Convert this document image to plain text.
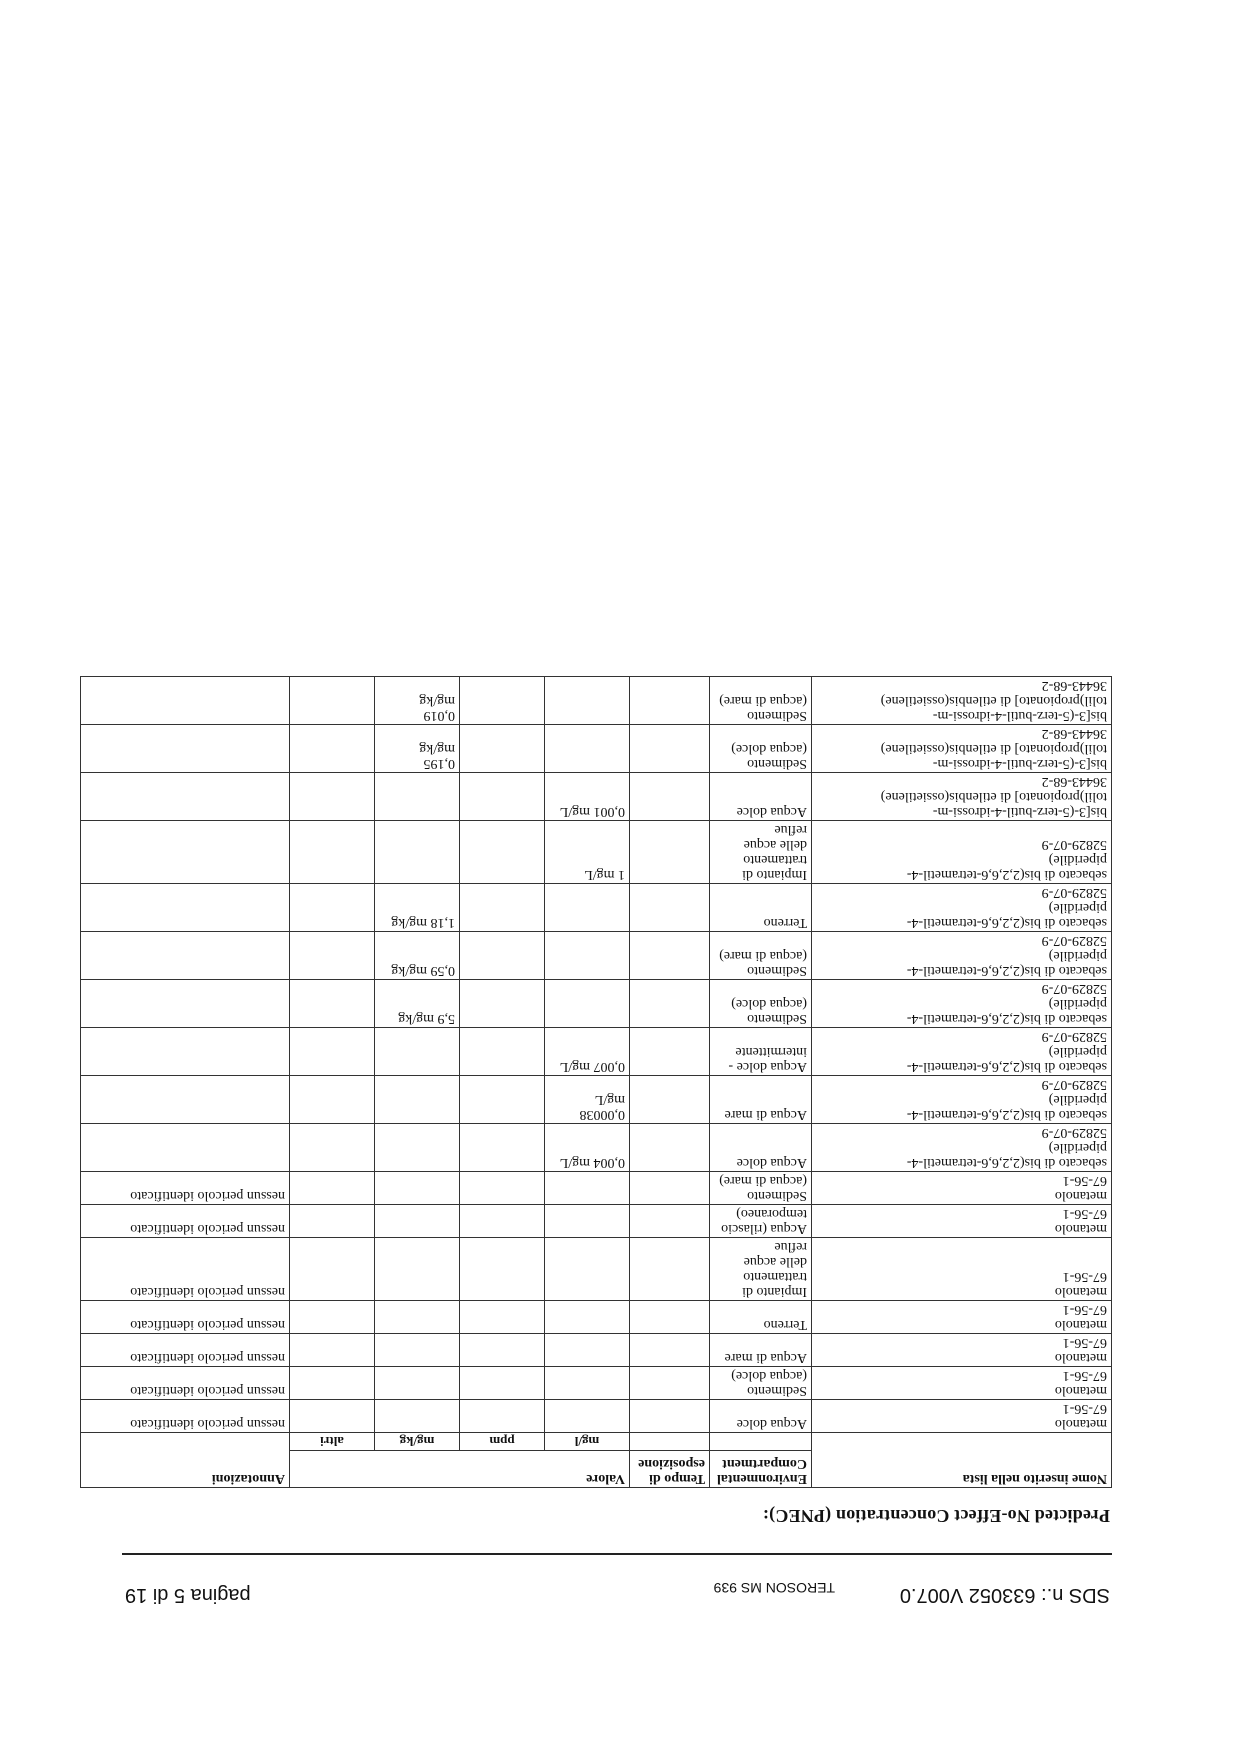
SDS n.: 633052 V007.0
TEROSON MS 939
pagina 5 di 19
Predicted No-Effect Concentration (PNEC):
Nome inserito nella lista	Environmental Compartment	Tempo di esposizione	Valore				Annotazioni
			mg/l	ppm	mg/kg	altri	
metanolo
67-56-1	Acqua dolce						nessun pericolo identificato
metanolo
67-56-1	Sedimento
(acqua dolce)						nessun pericolo identificato
metanolo
67-56-1	Acqua di mare						nessun pericolo identificato
metanolo
67-56-1	Terreno						nessun pericolo identificato
metanolo
67-56-1	Impianto di
trattamento
delle acque
reflue						nessun pericolo identificato
metanolo
67-56-1	Acqua (rilascio
temporaneo)						nessun pericolo identificato
metanolo
67-56-1	Sedimento
(acqua di mare)						nessun pericolo identificato
sebacato di bis(2,2,6,6-tetrametil-4-
piperidile)
52829-07-9	Acqua dolce		0,004 mg/L				
sebacato di bis(2,2,6,6-tetrametil-4-
piperidile)
52829-07-9	Acqua di mare		0,00038
mg/L				
sebacato di bis(2,2,6,6-tetrametil-4-
piperidile)
52829-07-9	Acqua dolce -
intermittente		0,007 mg/L				
sebacato di bis(2,2,6,6-tetrametil-4-
piperidile)
52829-07-9	Sedimento
(acqua dolce)				5,9 mg/kg		
sebacato di bis(2,2,6,6-tetrametil-4-
piperidile)
52829-07-9	Sedimento
(acqua di mare)				0,59 mg/kg		
sebacato di bis(2,2,6,6-tetrametil-4-
piperidile)
52829-07-9	Terreno				1,18 mg/kg		
sebacato di bis(2,2,6,6-tetrametil-4-
piperidile)
52829-07-9	Impianto di
trattamento
delle acque
reflue		1 mg/L				
bis[3-(5-terz-butil-4-idrossi-m-
tolil)propionato] di etilenbis(ossietilene)
36443-68-2	Acqua dolce		0,001 mg/L				
bis[3-(5-terz-butil-4-idrossi-m-
tolil)propionato] di etilenbis(ossietilene)
36443-68-2	Sedimento
(acqua dolce)				0,195
mg/kg		
bis[3-(5-terz-butil-4-idrossi-m-
tolil)propionato] di etilenbis(ossietilene)
36443-68-2	Sedimento
(acqua di mare)				0,019
mg/kg		
